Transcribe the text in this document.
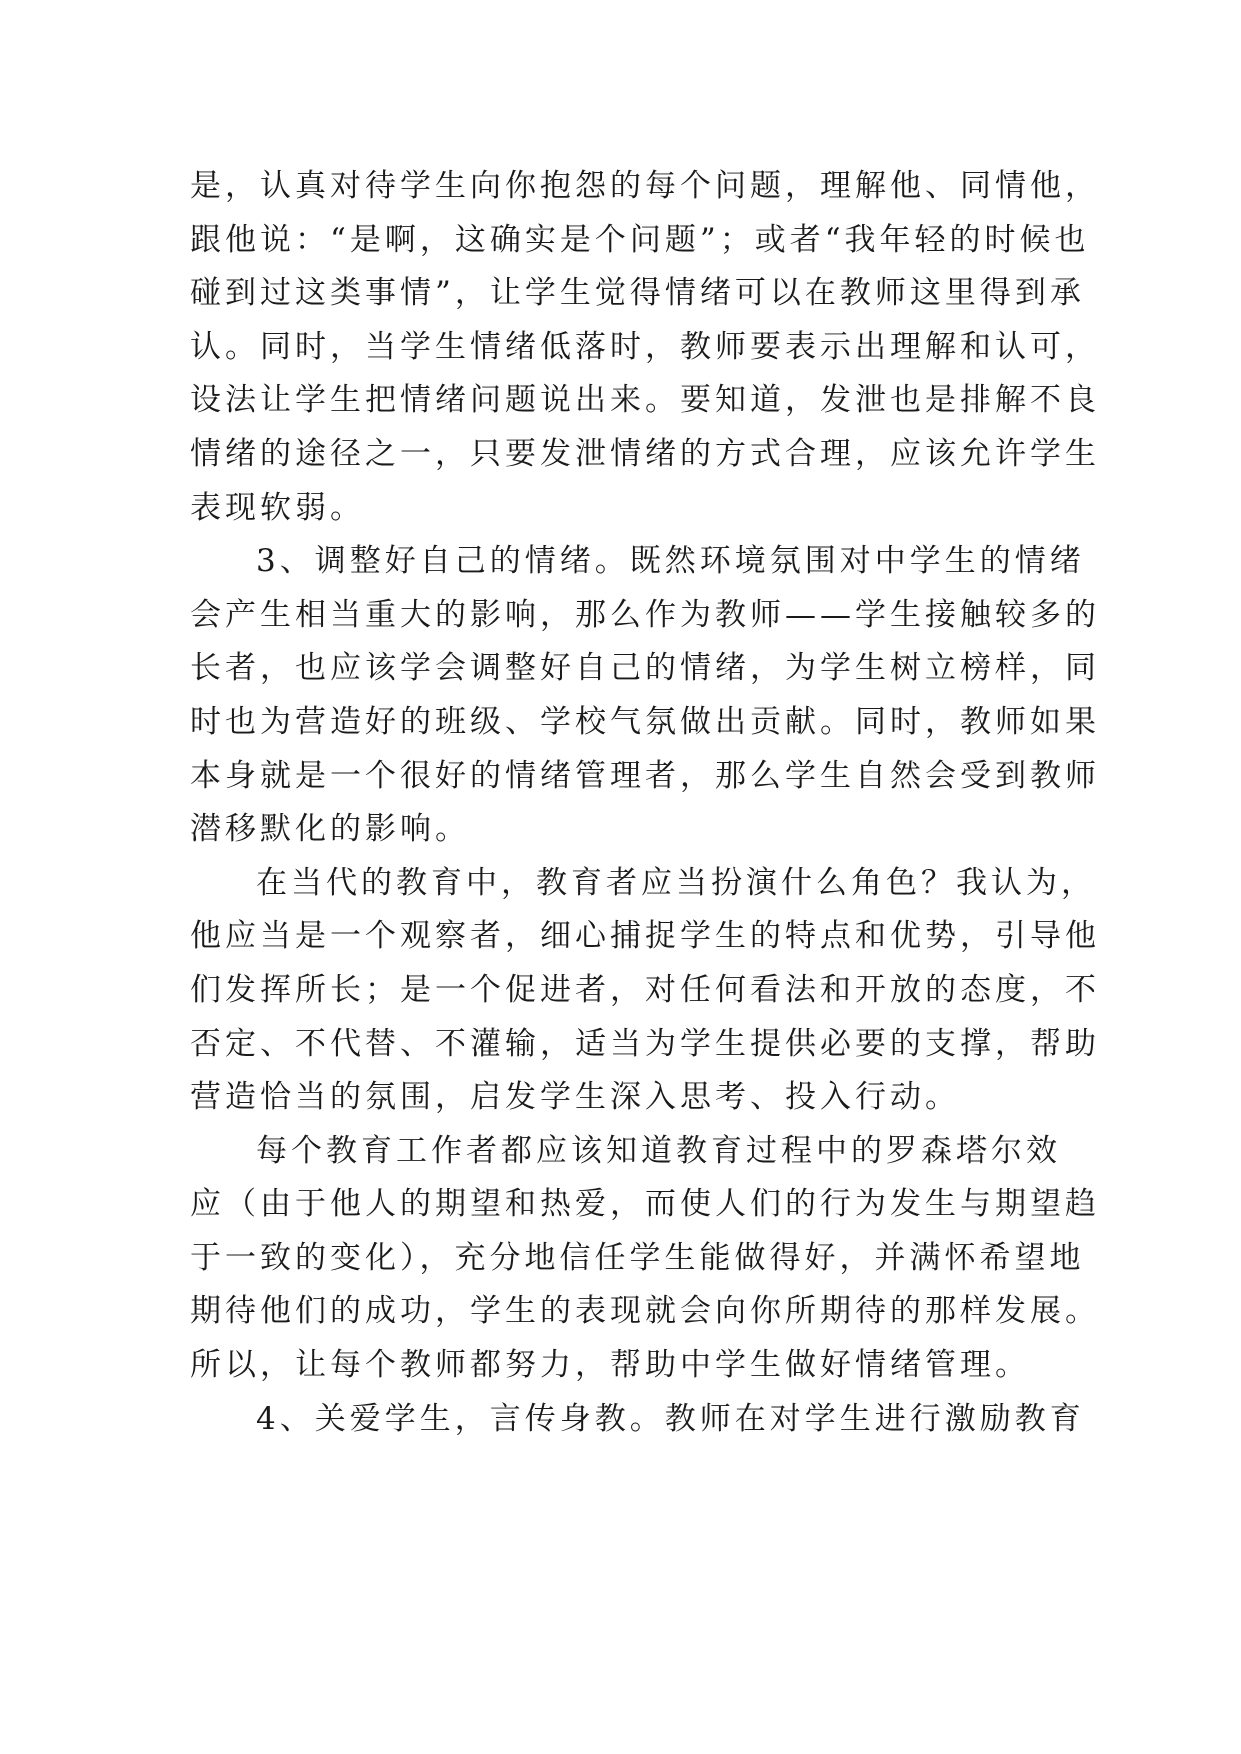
是，认真对待学生向你抱怨的每个问题，理解他、同情他，
跟他说：“是啊，这确实是个问题”；或者“我年轻的时候也
碰到过这类事情”，让学生觉得情绪可以在教师这里得到承
认。同时，当学生情绪低落时，教师要表示出理解和认可，
设法让学生把情绪问题说出来。要知道，发泄也是排解不良
情绪的途径之一，只要发泄情绪的方式合理，应该允许学生
表现软弱。
3、调整好自己的情绪。既然环境氛围对中学生的情绪
会产生相当重大的影响，那么作为教师——学生接触较多的
长者，也应该学会调整好自己的情绪，为学生树立榜样，同
时也为营造好的班级、学校气氛做出贡献。同时，教师如果
本身就是一个很好的情绪管理者，那么学生自然会受到教师
潜移默化的影响。
在当代的教育中，教育者应当扮演什么角色？我认为，
他应当是一个观察者，细心捕捉学生的特点和优势，引导他
们发挥所长；是一个促进者，对任何看法和开放的态度，不
否定、不代替、不灌输，适当为学生提供必要的支撑，帮助
营造恰当的氛围，启发学生深入思考、投入行动。
每个教育工作者都应该知道教育过程中的罗森塔尔效
应（由于他人的期望和热爱，而使人们的行为发生与期望趋
于一致的变化），充分地信任学生能做得好，并满怀希望地
期待他们的成功，学生的表现就会向你所期待的那样发展。
所以，让每个教师都努力，帮助中学生做好情绪管理。
4、关爱学生，言传身教。教师在对学生进行激励教育
